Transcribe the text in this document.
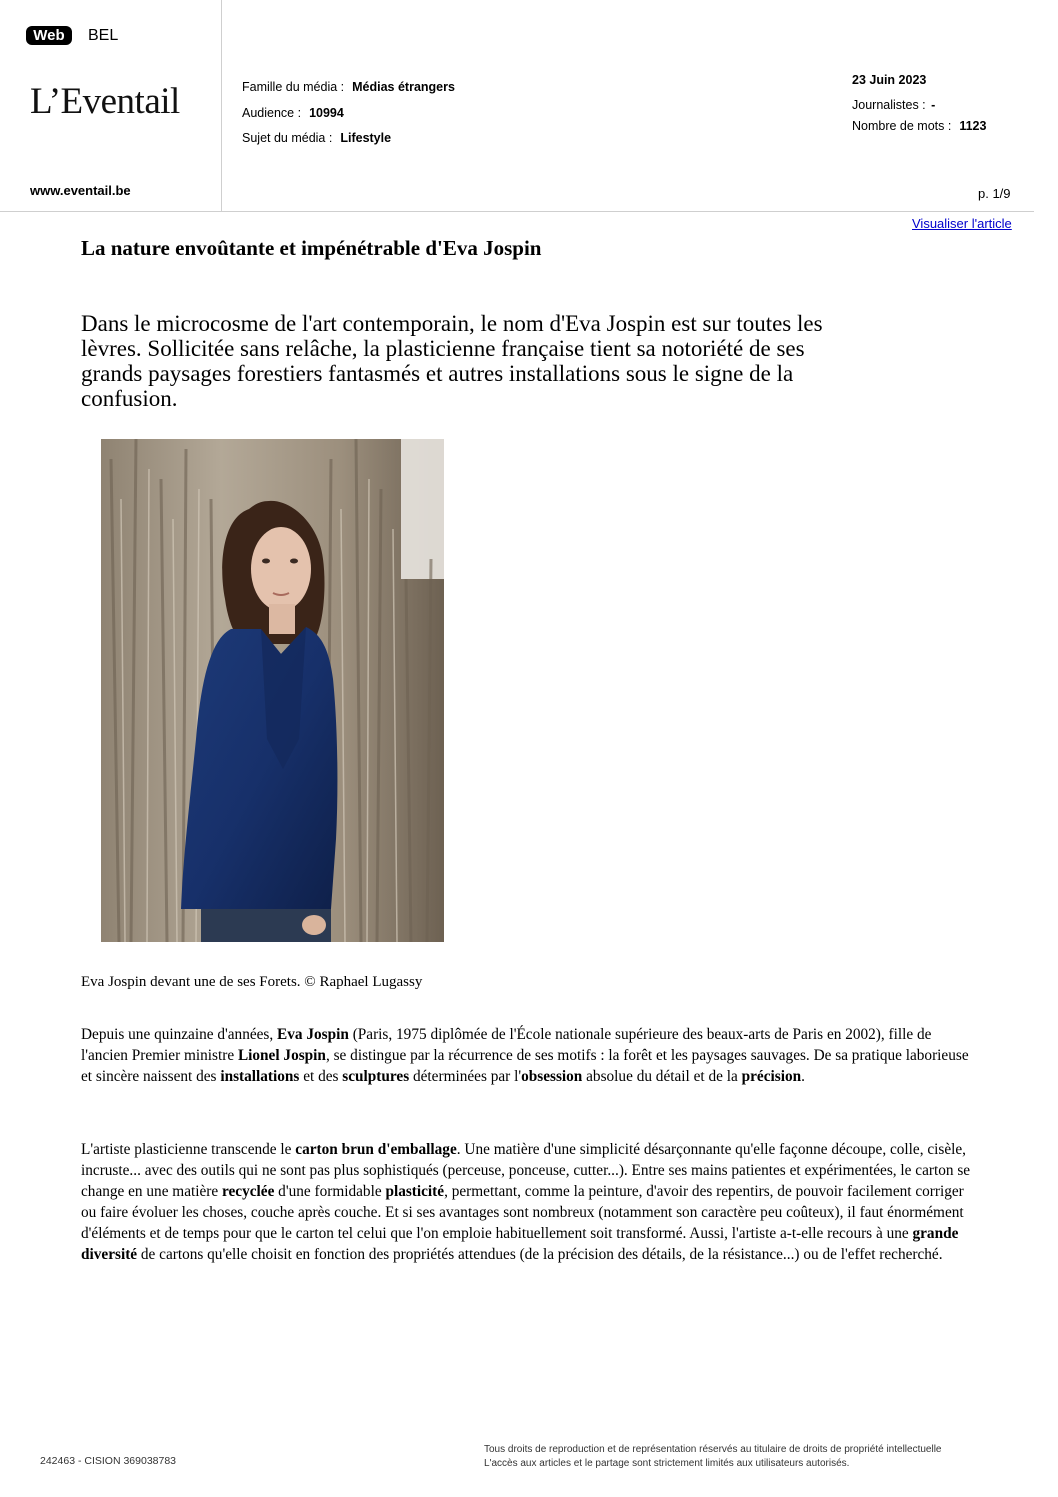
Web	BEL
L’Eventail
www.eventail.be
Famille du média : Médias étrangers
Audience : 10994
Sujet du média : Lifestyle
23 Juin 2023
Journalistes : -
Nombre de mots : 1123
p. 1/9
Visualiser l'article
La nature envoûtante et impénétrable d'Eva Jospin
Dans le microcosme de l'art contemporain, le nom d'Eva Jospin est sur toutes les lèvres. Sollicitée sans relâche, la plasticienne française tient sa notoriété de ses grands paysages forestiers fantasmés et autres installations sous le signe de la confusion.
Eva Jospin devant une de ses Forets. © Raphael Lugassy
Depuis une quinzaine d'années, Eva Jospin (Paris, 1975 diplômée de l'École nationale supérieure des beaux-arts de Paris en 2002), fille de l'ancien Premier ministre Lionel Jospin, se distingue par la récurrence de ses motifs : la forêt et les paysages sauvages. De sa pratique laborieuse et sincère naissent des installations et des sculptures déterminées par l'obsession absolue du détail et de la précision.
L'artiste plasticienne transcende le carton brun d'emballage. Une matière d'une simplicité désarçonnante qu'elle façonne découpe, colle, cisèle, incruste... avec des outils qui ne sont pas plus sophistiqués (perceuse, ponceuse, cutter...). Entre ses mains patientes et expérimentées, le carton se change en une matière recyclée d'une formidable plasticité, permettant, comme la peinture, d'avoir des repentirs, de pouvoir facilement corriger ou faire évoluer les choses, couche après couche. Et si ses avantages sont nombreux (notamment son caractère peu coûteux), il faut énormément d'éléments et de temps pour que le carton tel celui que l'on emploie habituellement soit transformé. Aussi, l'artiste a-t-elle recours à une grande diversité de cartons qu'elle choisit en fonction des propriétés attendues (de la précision des détails, de la résistance...) ou de l'effet recherché.
242463 - CISION 369038783
Tous droits de reproduction et de représentation réservés au titulaire de droits de propriété intellectuelle
L'accès aux articles et le partage sont strictement limités aux utilisateurs autorisés.
